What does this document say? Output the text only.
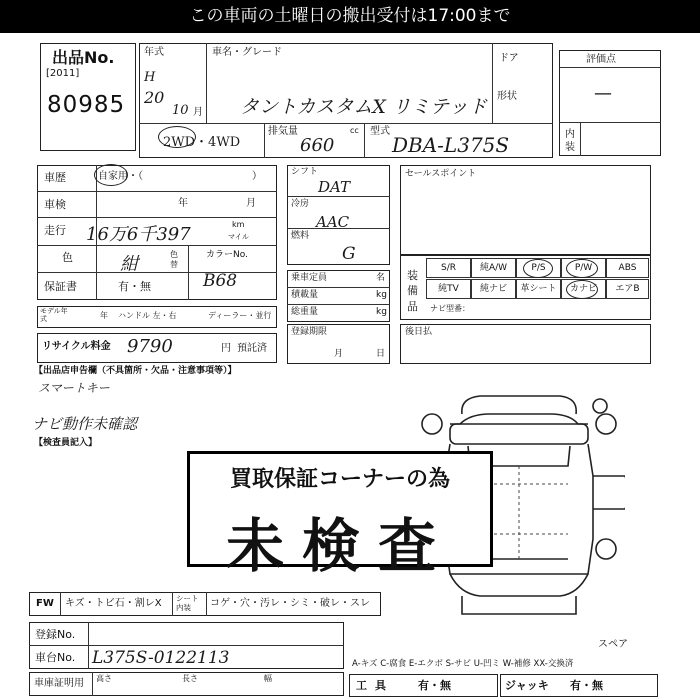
この車両の土曜日の搬出受付は17:00まで
出品No.
[2011]
80985
年式
H
20
10 月
車名・グレード
タントカスタムX リミテッド
ドア
形状
2WD・4WD
排気量	cc
660
型式
DBA-L375S
評価点
—
内装
車歴	自家用・（	）
車検	年	月
走行 16万6千397	km
マイル
色	紺	色替
カラーNo.
B68
保証書	有・無
モデル年式	年 ハンドル 左・右	ディーラー・並行
リサイクル料金 9790	円 預託済
シフト
DAT
冷房
AAC
燃料
G
乗車定員	名
積載量	kg
総重量	kg
登録期限
月	日
セールスポイント
装備品
S/R	純A/W	P/S	P/W	ABS
純TV	純ナビ	革シート	カナビ	エアB
ナビ型番：
後日払
【出品店申告欄（不具箇所・欠品・注意事項等）】
スマートキー
ナビ動作未確認
【検査員記入】
買取保証コーナーの為
未検査
FW キズ・トビ石・割レX シート内装	コゲ・穴・汚レ・シミ・破レ・スレ
登録No.
車台No. L375S-0122113
車庫証明用 高さ	長さ	幅
スペア
A-キズ C-腐食 E-エクボ S-サビ U-凹ミ W-補修 XX-交換済
工具 有・無	ジャッキ 有・無
